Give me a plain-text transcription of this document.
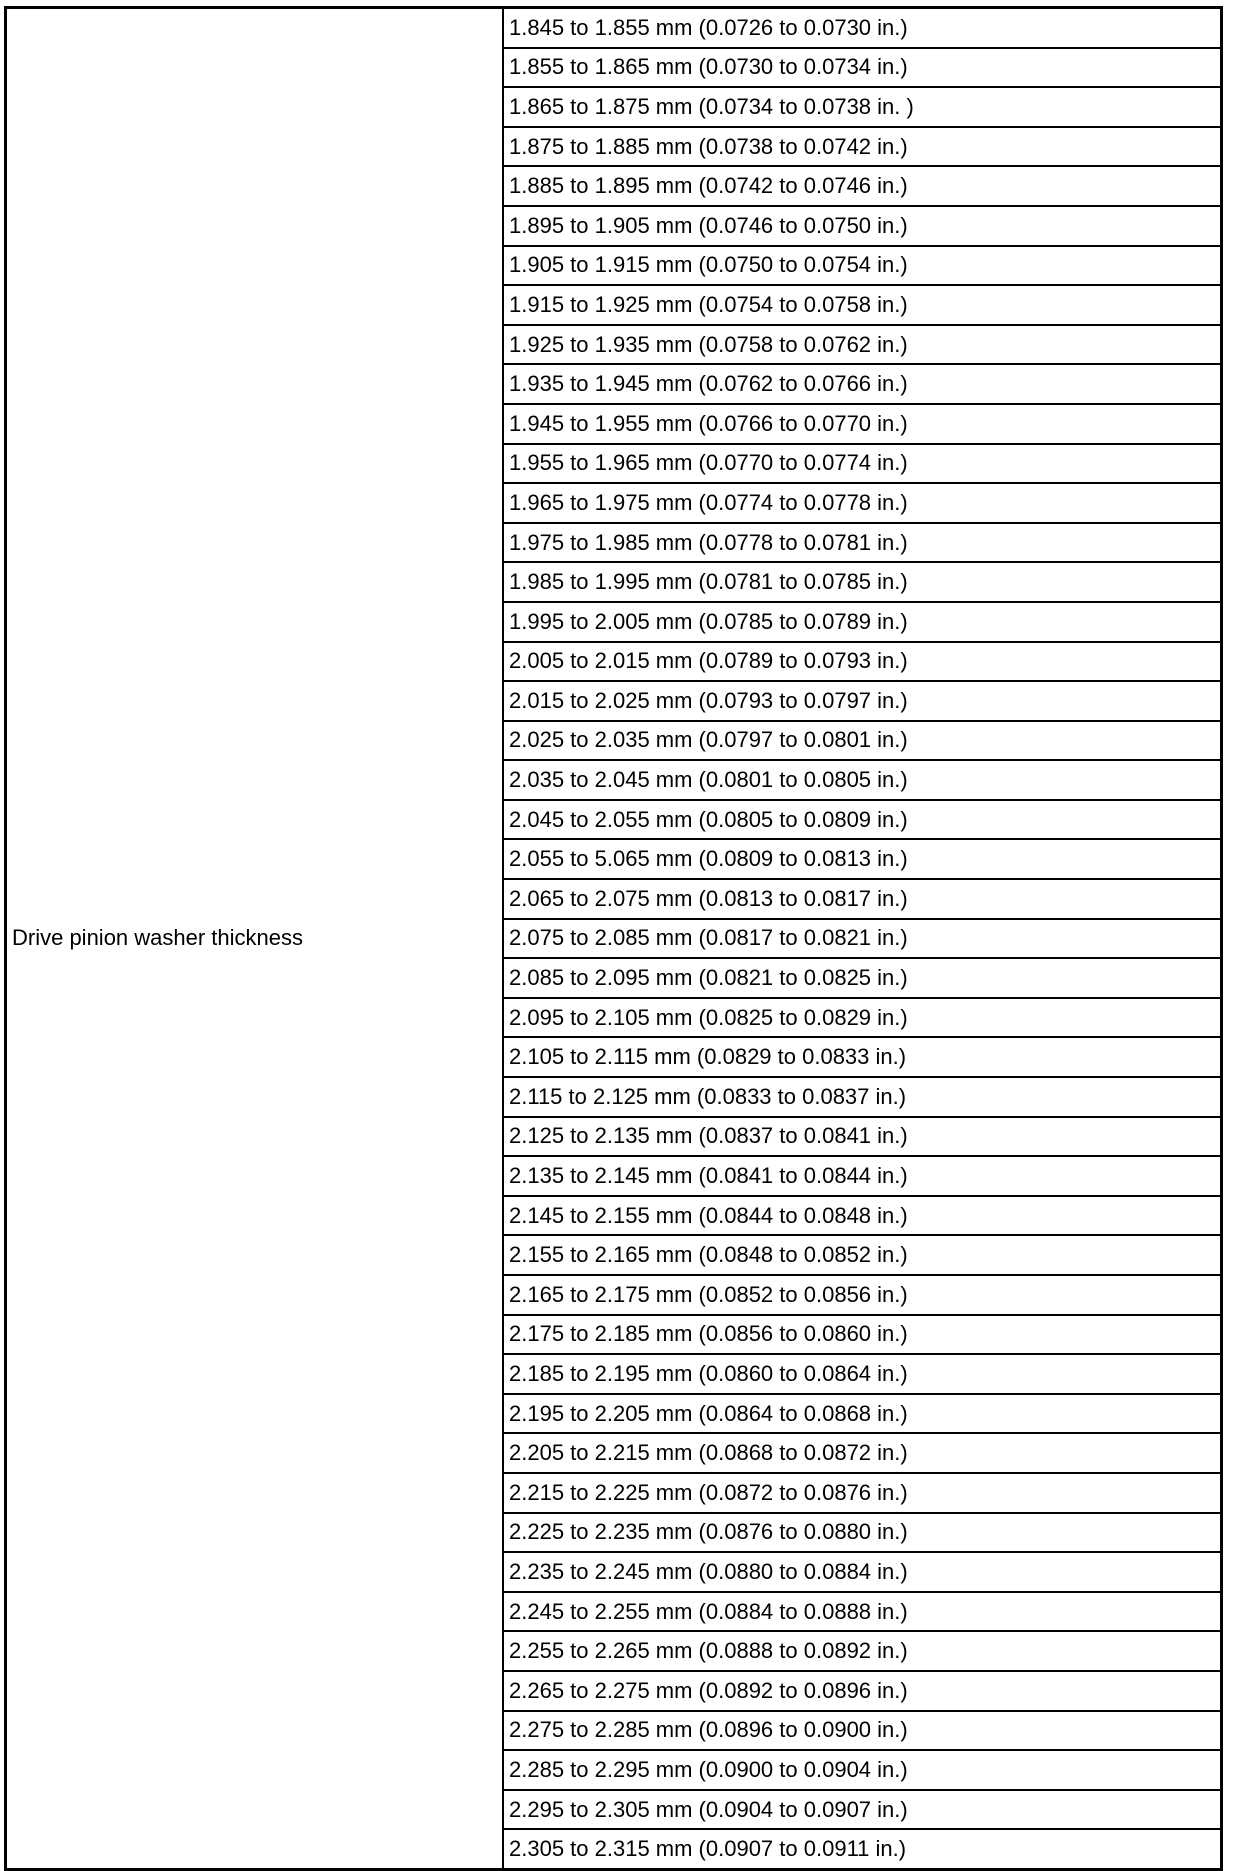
Drive pinion washer thickness	1.845 to 1.855 mm (0.0726 to 0.0730 in.)
1.855 to 1.865 mm (0.0730 to 0.0734 in.)
1.865 to 1.875 mm (0.0734 to 0.0738 in. )
1.875 to 1.885 mm (0.0738 to 0.0742 in.)
1.885 to 1.895 mm (0.0742 to 0.0746 in.)
1.895 to 1.905 mm (0.0746 to 0.0750 in.)
1.905 to 1.915 mm (0.0750 to 0.0754 in.)
1.915 to 1.925 mm (0.0754 to 0.0758 in.)
1.925 to 1.935 mm (0.0758 to 0.0762 in.)
1.935 to 1.945 mm (0.0762 to 0.0766 in.)
1.945 to 1.955 mm (0.0766 to 0.0770 in.)
1.955 to 1.965 mm (0.0770 to 0.0774 in.)
1.965 to 1.975 mm (0.0774 to 0.0778 in.)
1.975 to 1.985 mm (0.0778 to 0.0781 in.)
1.985 to 1.995 mm (0.0781 to 0.0785 in.)
1.995 to 2.005 mm (0.0785 to 0.0789 in.)
2.005 to 2.015 mm (0.0789 to 0.0793 in.)
2.015 to 2.025 mm (0.0793 to 0.0797 in.)
2.025 to 2.035 mm (0.0797 to 0.0801 in.)
2.035 to 2.045 mm (0.0801 to 0.0805 in.)
2.045 to 2.055 mm (0.0805 to 0.0809 in.)
2.055 to 5.065 mm (0.0809 to 0.0813 in.)
2.065 to 2.075 mm (0.0813 to 0.0817 in.)
2.075 to 2.085 mm (0.0817 to 0.0821 in.)
2.085 to 2.095 mm (0.0821 to 0.0825 in.)
2.095 to 2.105 mm (0.0825 to 0.0829 in.)
2.105 to 2.115 mm (0.0829 to 0.0833 in.)
2.115 to 2.125 mm (0.0833 to 0.0837 in.)
2.125 to 2.135 mm (0.0837 to 0.0841 in.)
2.135 to 2.145 mm (0.0841 to 0.0844 in.)
2.145 to 2.155 mm (0.0844 to 0.0848 in.)
2.155 to 2.165 mm (0.0848 to 0.0852 in.)
2.165 to 2.175 mm (0.0852 to 0.0856 in.)
2.175 to 2.185 mm (0.0856 to 0.0860 in.)
2.185 to 2.195 mm (0.0860 to 0.0864 in.)
2.195 to 2.205 mm (0.0864 to 0.0868 in.)
2.205 to 2.215 mm (0.0868 to 0.0872 in.)
2.215 to 2.225 mm (0.0872 to 0.0876 in.)
2.225 to 2.235 mm (0.0876 to 0.0880 in.)
2.235 to 2.245 mm (0.0880 to 0.0884 in.)
2.245 to 2.255 mm (0.0884 to 0.0888 in.)
2.255 to 2.265 mm (0.0888 to 0.0892 in.)
2.265 to 2.275 mm (0.0892 to 0.0896 in.)
2.275 to 2.285 mm (0.0896 to 0.0900 in.)
2.285 to 2.295 mm (0.0900 to 0.0904 in.)
2.295 to 2.305 mm (0.0904 to 0.0907 in.)
2.305 to 2.315 mm (0.0907 to 0.0911 in.)
